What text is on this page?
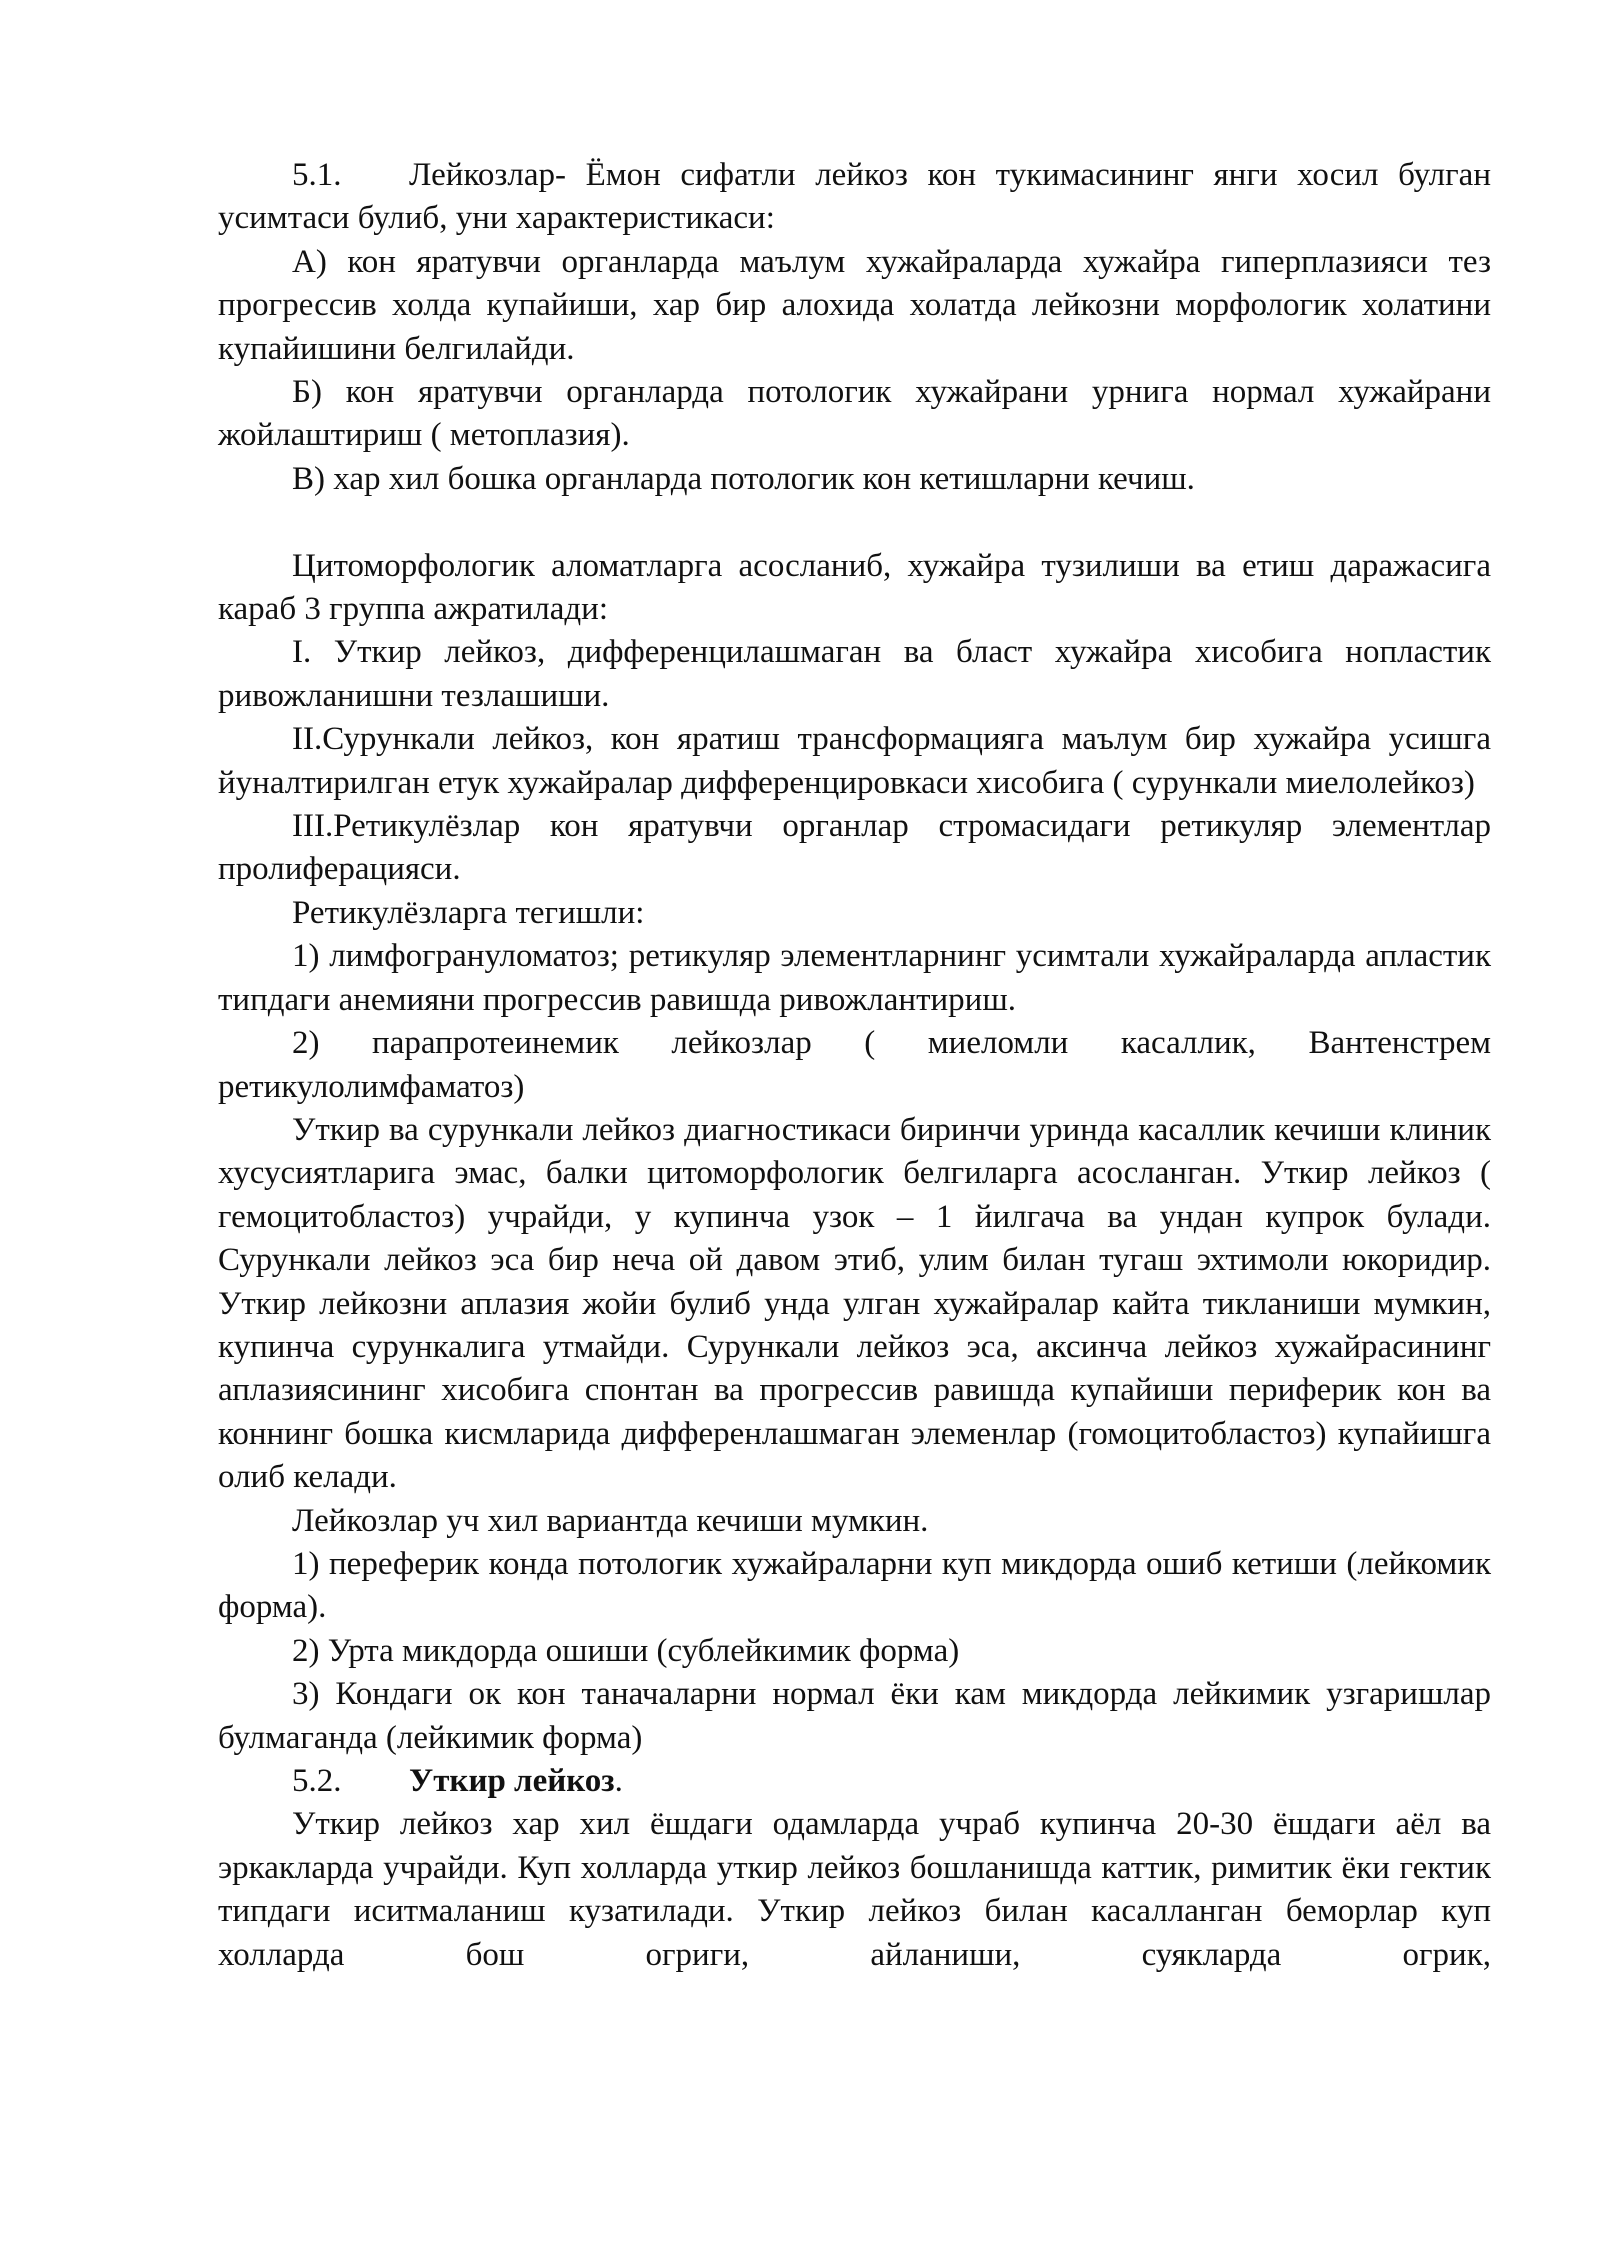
5.1. Лейкозлар- Ёмон сифатли лейкоз кон тукимасининг янги хосил булган усимтаси булиб, уни характеристикаси:

А) кон яратувчи органларда маълум хужайраларда хужайра гиперплазияси тез прогрессив холда купайиши, хар бир алохида холатда лейкозни морфологик холатини купайишини белгилайди.

Б) кон яратувчи органларда потологик хужайрани урнига нормал хужайрани жойлаштириш ( метоплазия).

В) хар хил бошка органларда потологик кон кетишларни кечиш.

Цитоморфологик аломатларга асосланиб, хужайра тузилиши ва етиш даражасига караб 3 группа ажратилади:

I. Уткир лейкоз, дифференцилашмаган ва бласт хужайра хисобига нопластик ривожланишни тезлашиши.

II.Сурункали лейкоз, кон яратиш трансформацияга маълум бир хужайра усишга йуналтирилган етук хужайралар дифференцировкаси хисобига ( сурункали миелолейкоз)

III.Ретикулёзлар кон яратувчи органлар стромасидаги ретикуляр элементлар пролиферацияси.

Ретикулёзларга тегишли:

1) лимфогрануломатоз; ретикуляр элементларнинг усимтали хужайраларда апластик типдаги анемияни прогрессив равишда ривожлантириш.

2) парапротеинемик лейкозлар ( миеломли касаллик, Вантенстрем ретикулолимфаматоз)

Уткир ва сурункали лейкоз диагностикаси биринчи уринда касаллик кечиши клиник хусусиятларига эмас, балки цитоморфологик белгиларга асосланган. Уткир лейкоз ( гемоцитобластоз) учрайди, у купинча узок – 1 йилгача ва ундан купрок булади. Сурункали лейкоз эса бир неча ой давом этиб, улим билан тугаш эхтимоли юкоридир. Уткир лейкозни аплазия жойи булиб унда улган хужайралар кайта тикланиши мумкин, купинча сурункалига утмайди. Сурункали лейкоз эса, аксинча лейкоз хужайрасининг аплазиясининг хисобига спонтан ва прогрессив равишда купайиши периферик кон ва коннинг бошка кисмларида дифференлашмаган элеменлар (гомоцитобластоз) купайишга олиб келади.

Лейкозлар уч хил вариантда кечиши мумкин.

1) переферик конда потологик хужайраларни куп микдорда ошиб кетиши (лейкомик форма).

2) Урта микдорда ошиши (сублейкимик форма)

3) Кондаги ок кон таначаларни нормал ёки кам микдорда лейкимик узгаришлар булмаганда (лейкимик форма)

5.2.	Уткир лейкоз.

Уткир лейкоз хар хил ёшдаги одамларда учраб купинча 20-30 ёшдаги аёл ва эркакларда учрайди. Куп холларда уткир лейкоз бошланишда каттик, римитик ёки гектик типдаги иситмаланиш кузатилади. Уткир лейкоз билан касалланган беморлар куп холларда бош огриги, айланиши, суякларда огрик,
